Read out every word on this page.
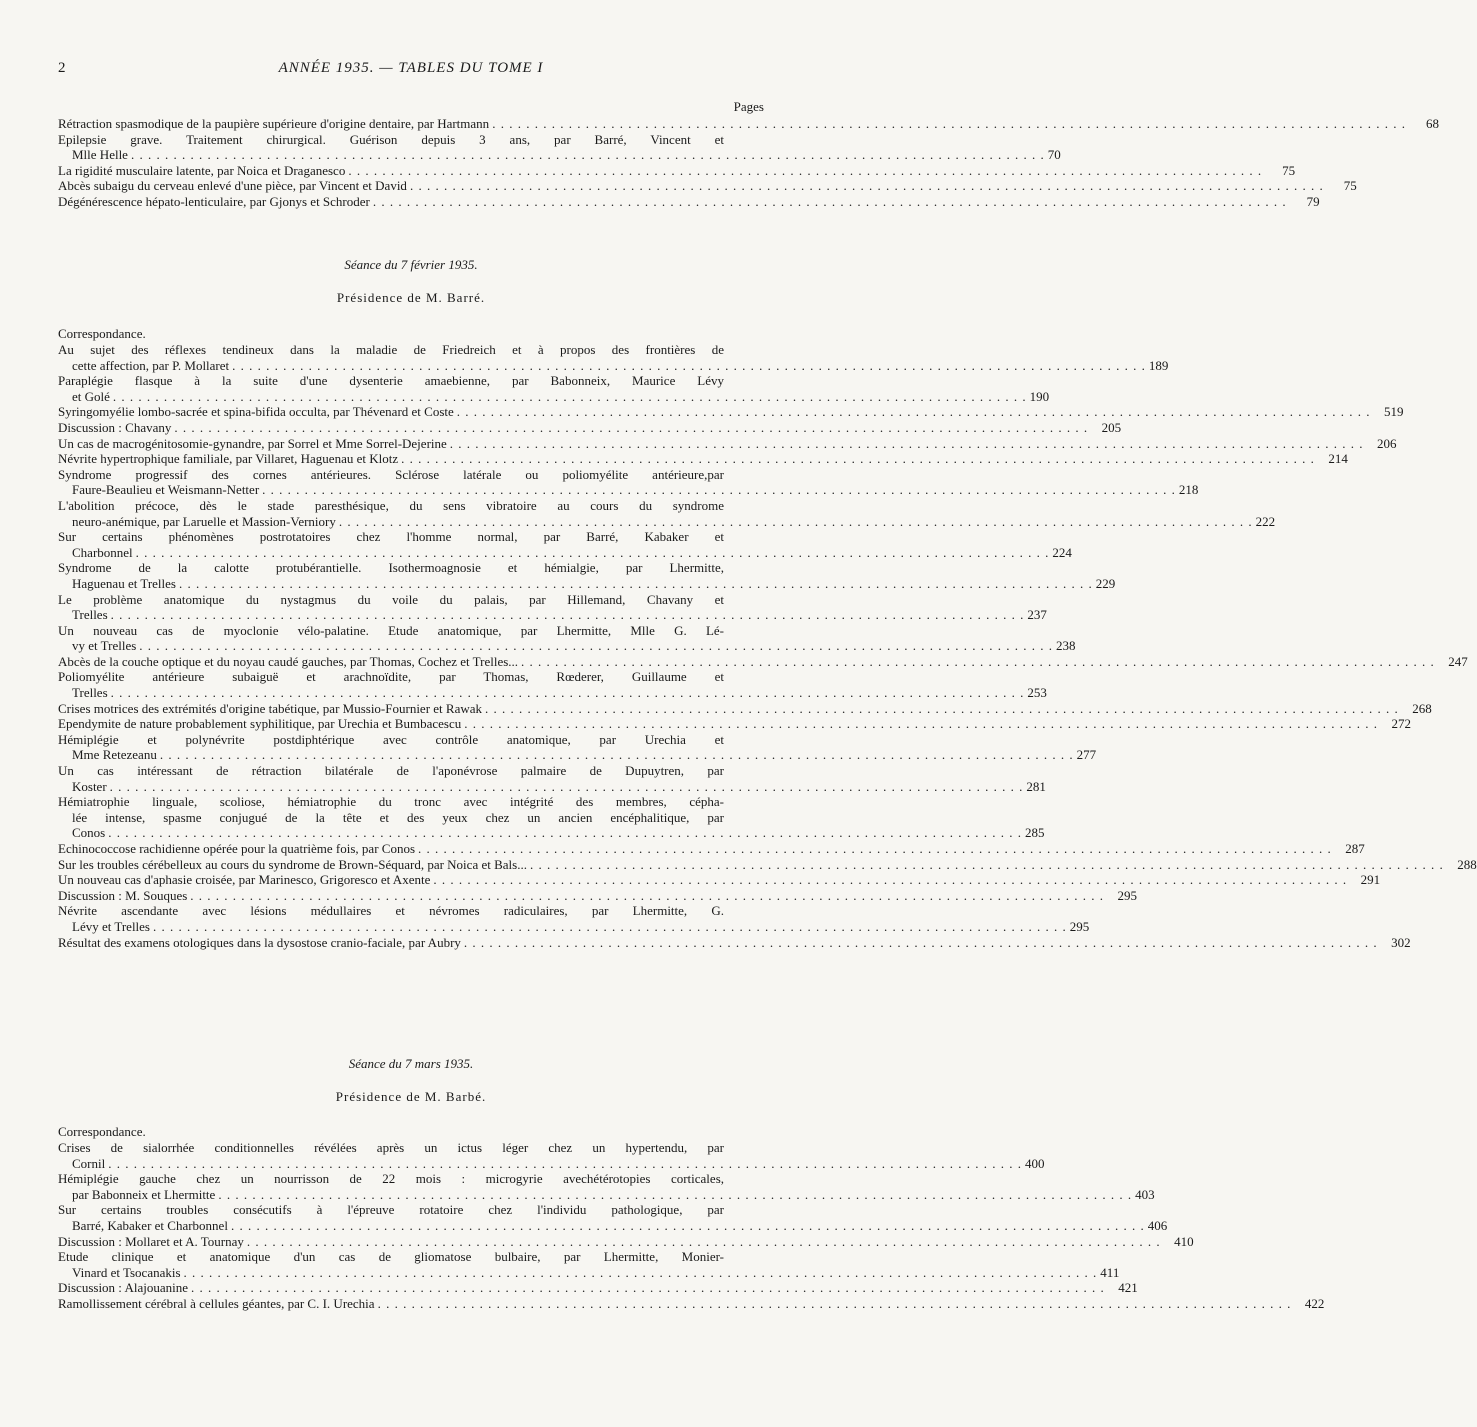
2	ANNÉE 1935. — TABLES DU TOME I
Pages
Rétraction spasmodique de la paupière supérieure d'origine dentaire, par Hartmann . . .	68
Epilepsie grave. Traitement chirurgical. Guérison depuis 3 ans, par Barré, Vincent et
Mlle Helle . . .	70
La rigidité musculaire latente, par Noica et Draganesco . . .	75
Abcès subaigu du cerveau enlevé d'une pièce, par Vincent et David . . .	75
Dégénérescence hépato-lenticulaire, par Gjonys et Schroder . . .	79
Séance du 7 février 1935.
Présidence de M. Barré.
Correspondance.
Au sujet des réflexes tendineux dans la maladie de Friedreich et à propos des frontières de
cette affection, par P. Mollaret . . .	189
Paraplégie flasque à la suite d'une dysenterie amaebienne, par Babonneix, Maurice Lévy
et Golé . . .	190
Syringomyélie lombo-sacrée et spina-bifida occulta, par Thévenard et Coste . . .	519
Discussion : Chavany . . .	205
Un cas de macrogénitosomie-gynandre, par Sorrel et Mme Sorrel-Dejerine . . .	206
Névrite hypertrophique familiale, par Villaret, Haguenau et Klotz . . .	214
Syndrome progressif des cornes antérieures. Sclérose latérale ou poliomyélite antérieure,par
Faure-Beaulieu et Weismann-Netter . . .	218
L'abolition précoce, dès le stade paresthésique, du sens vibratoire au cours du syndrome
neuro-anémique, par Laruelle et Massion-Verniory . . .	222
Sur certains phénomènes postrotatoires chez l'homme normal, par Barré, Kabaker et
Charbonnel . . .	224
Syndrome de la calotte protubérantielle. Isothermoagnosie et hémialgie, par Lhermitte,
Haguenau et Trelles . . .	229
Le problème anatomique du nystagmus du voile du palais, par Hillemand, Chavany et
Trelles . . .	237
Un nouveau cas de myoclonie vélo-palatine. Etude anatomique, par Lhermitte, Mlle G. Lé-
vy et Trelles . . .	238
Abcès de la couche optique et du noyau caudé gauches, par Thomas, Cochez et Trelles... . . .	247
Poliomyélite antérieure subaiguë et arachnoïdite, par Thomas, Rœderer, Guillaume et
Trelles . . .	253
Crises motrices des extrémités d'origine tabétique, par Mussio-Fournier et Rawak . . .	268
Ependymite de nature probablement syphilitique, par Urechia et Bumbacescu . . .	272
Hémiplégie et polynévrite postdiphtérique avec contrôle anatomique, par Urechia et
Mme Retezeanu . . .	277
Un cas intéressant de rétraction bilatérale de l'aponévrose palmaire de Dupuytren, par
Koster . . .	281
Hémiatrophie linguale, scoliose, hémiatrophie du tronc avec intégrité des membres, cépha-
lée intense, spasme conjugué de la tête et des yeux chez un ancien encéphalitique, par
Conos . . .	285
Echinococcose rachidienne opérée pour la quatrième fois, par Conos . . .	287
Sur les troubles cérébelleux au cours du syndrome de Brown-Séquard, par Noica et Bals... . . .	288
Un nouveau cas d'aphasie croisée, par Marinesco, Grigoresco et Axente . . .	291
Discussion : M. Souques . . .	295
Névrite ascendante avec lésions médullaires et névromes radiculaires, par Lhermitte, G.
Lévy et Trelles . . .	295
Résultat des examens otologiques dans la dysostose cranio-faciale, par Aubry . . .	302
Séance du 7 mars 1935.
Présidence de M. Barbé.
Correspondance.
Crises de sialorrhée conditionnelles révélées après un ictus léger chez un hypertendu, par
Cornil . . .	400
Hémiplégie gauche chez un nourrisson de 22 mois : microgyrie avechétérotopies corticales,
par Babonneix et Lhermitte . . .	403
Sur certains troubles consécutifs à l'épreuve rotatoire chez l'individu pathologique, par
Barré, Kabaker et Charbonnel . . .	406
Discussion : Mollaret et A. Tournay . . .	410
Etude clinique et anatomique d'un cas de gliomatose bulbaire, par Lhermitte, Monier-
Vinard et Tsocanakis . . .	411
Discussion : Alajouanine . . .	421
Ramollissement cérébral à cellules géantes, par C. I. Urechia . . .	422
